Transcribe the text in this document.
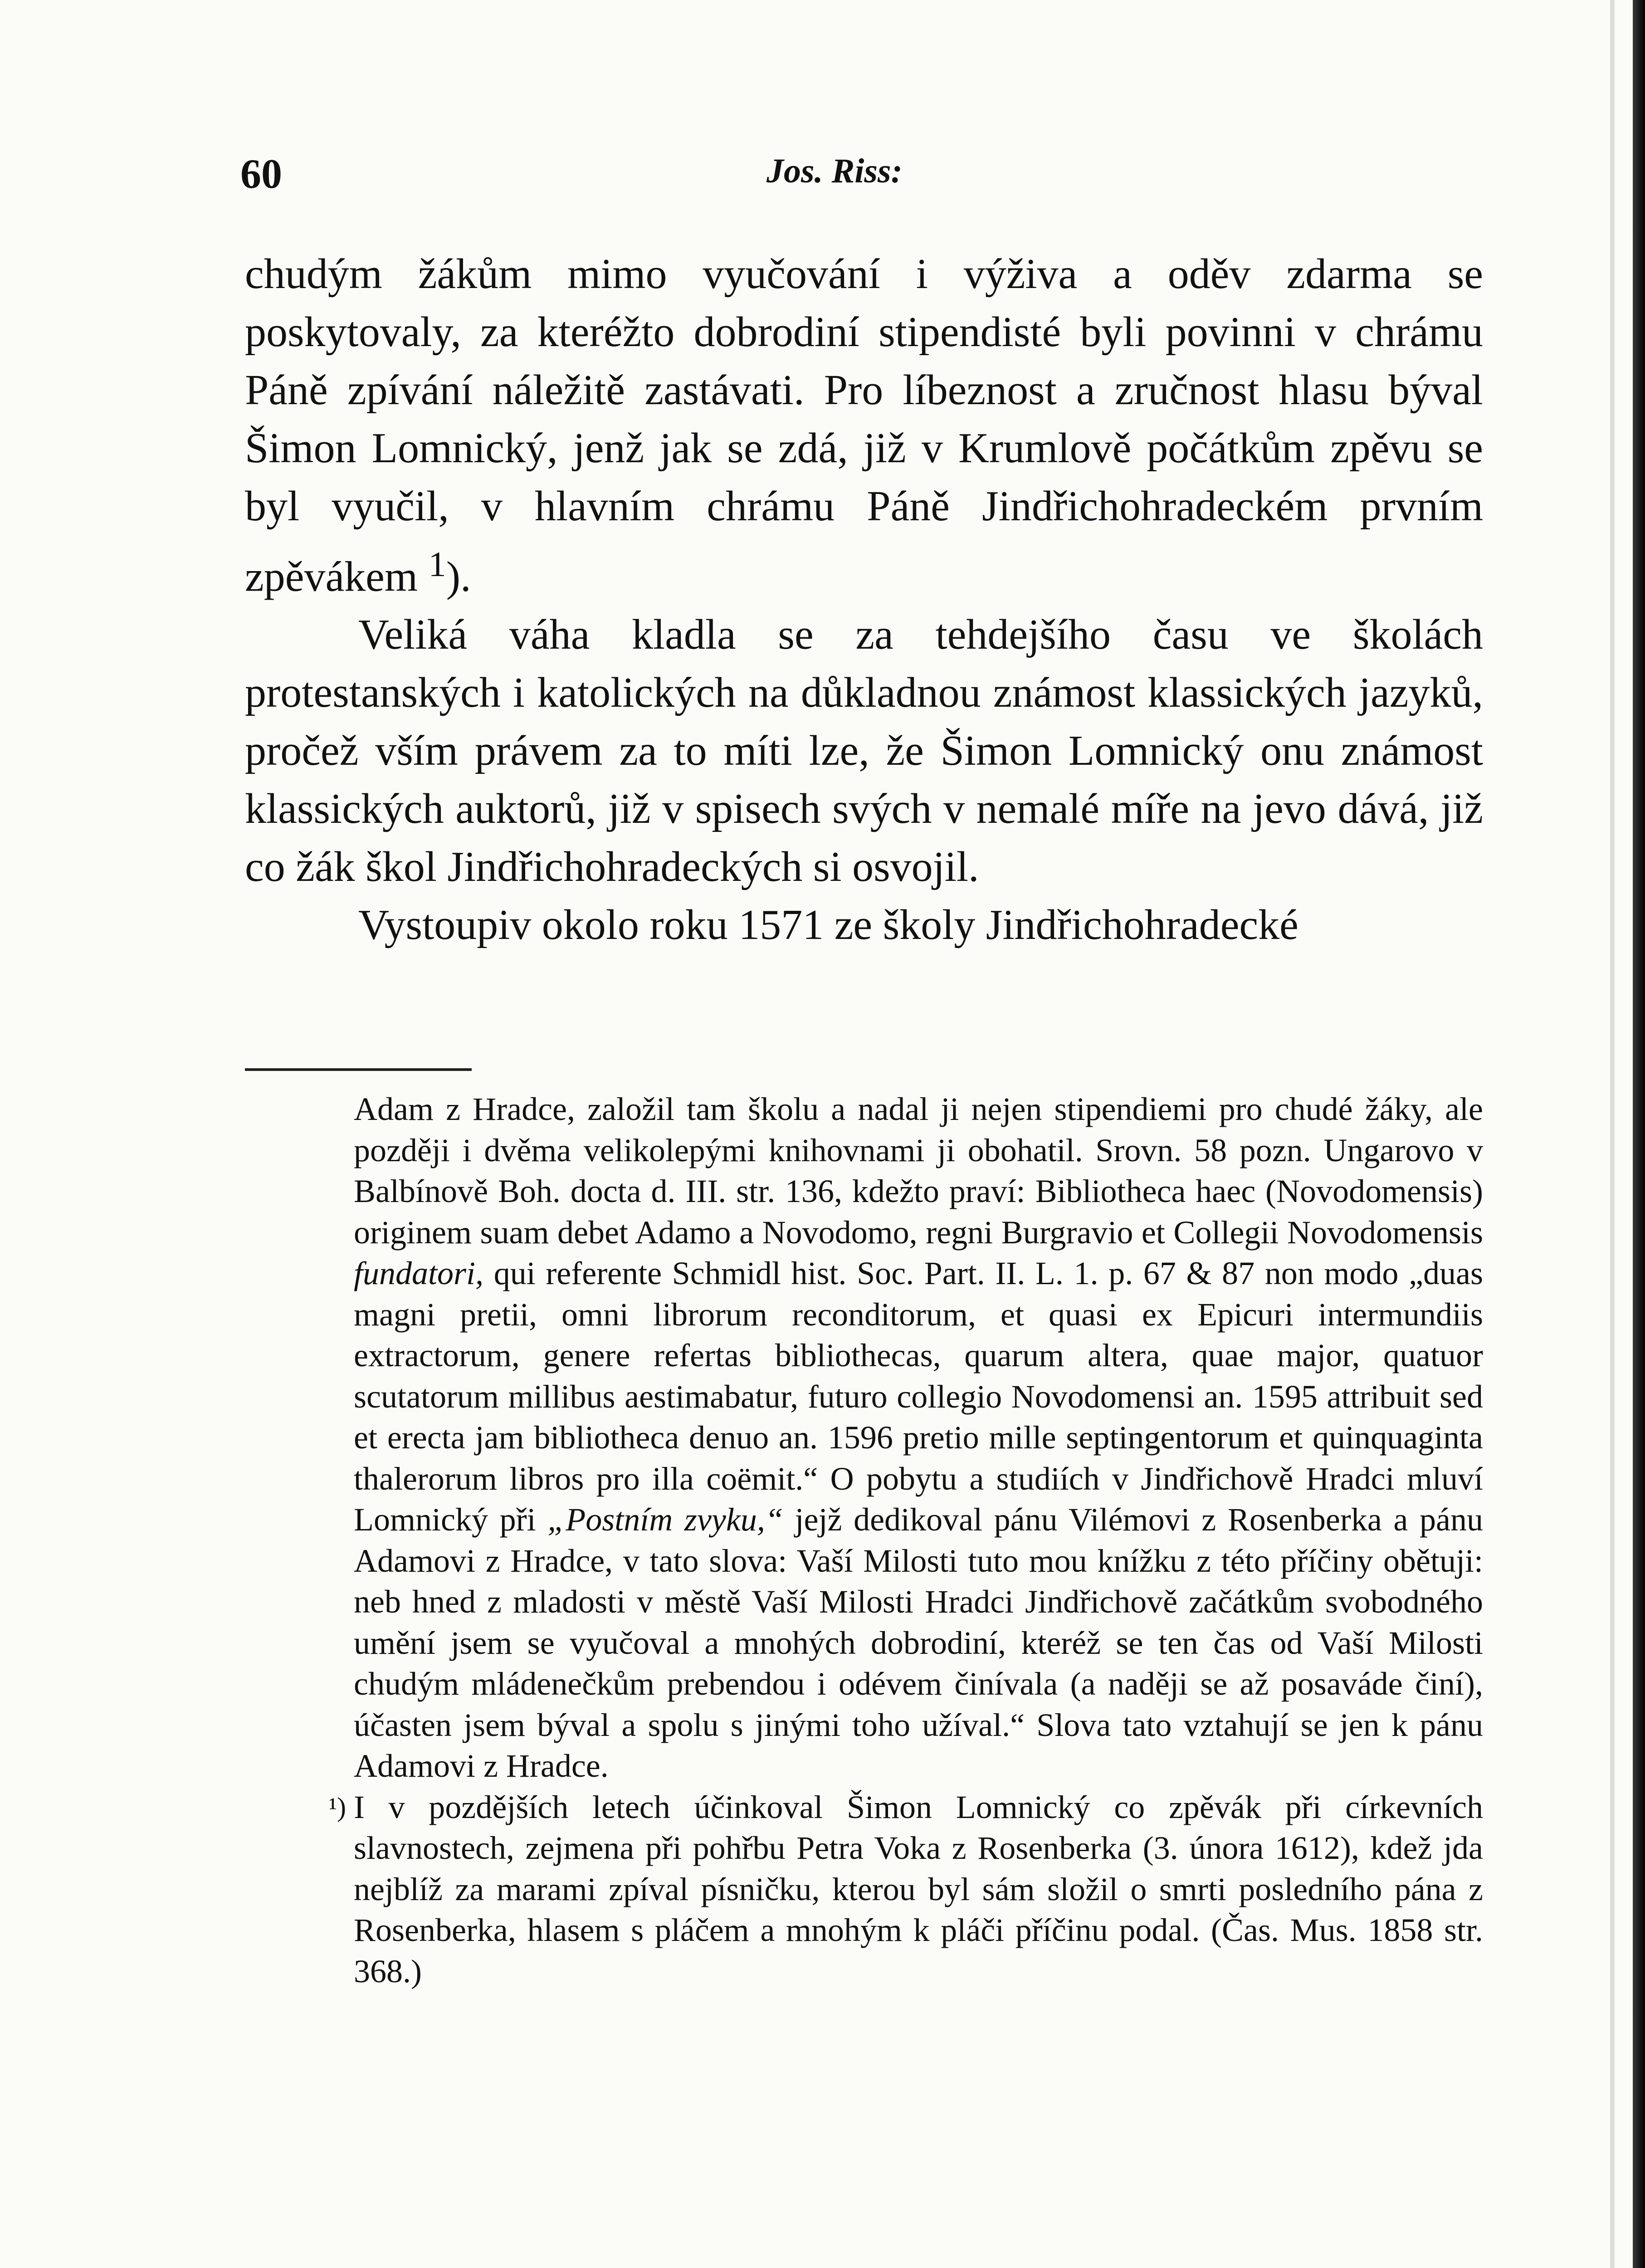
60	Jos. Riss:

chudým žákům mimo vyučování i výživa a oděv zdarma se poskytovaly, za kteréžto dobrodiní stipendisté byli povinni v chrámu Páně zpívání náležitě zastávati. Pro líbeznost a zručnost hlasu býval Šimon Lomnický, jenž jak se zdá, již v Krumlově počátkům zpěvu se byl vyučil, v hlavním chrámu Páně Jindřichohradeckém prvním zpěvákem $^1$).

Veliká váha kladla se za tehdejšího času ve školách protestanských i katolických na důkladnou známost klassických jazyků, pročež vším právem za to míti lze, že Šimon Lomnický onu známost klassických auktorů, již v spisech svých v nemalé míře na jevo dává, již co žák škol Jindřichohradeckých si osvojil.

Vystoupiv okolo roku 1571 ze školy Jindřichohradecké

Adam z Hradce, založil tam školu a nadal ji nejen stipendiemi pro chudé žáky, ale později i dvěma velikolepými knihovnami ji obohatil. Srovn. 58 pozn. Ungarovo v Balbínově Boh. docta d. III. str. 136, kdežto praví: Bibliotheca haec (Novodomensis) originem suam debet Adamo a Novodomo, regni Burgravio et Collegii Novodomensis fundatori, qui referente Schmidl hist. Soc. Part. II. L. 1. p. 67 & 87 non modo „duas magni pretii, omni librorum reconditorum, et quasi ex Epicuri intermundiis extractorum, genere refertas bibliothecas, quarum altera, quae major, quatuor scutatorum millibus aestimabatur, futuro collegio Novodomensi an. 1595 attribuit sed et erecta jam bibliotheca denuo an. 1596 pretio mille septingentorum et quinquaginta thalerorum libros pro illa coëmit.“ O pobytu a studiích v Jindřichově Hradci mluví Lomnický při „Postním zvyku,“ jejž dedikoval pánu Vilémovi z Rosenberka a pánu Adamovi z Hradce, v tato slova: Vaší Milosti tuto mou knížku z této příčiny obětuji: neb hned z mladosti v městě Vaší Milosti Hradci Jindřichově začátkům svobodného umění jsem se vyučoval a mnohých dobrodiní, kteréž se ten čas od Vaší Milosti chudým mládenečkům prebendou i odévem činívala (a naději se až posaváde činí), účasten jsem býval a spolu s jinými toho užíval.“ Slova tato vztahují se jen k pánu Adamovi z Hradce.

¹) I v pozdějších letech účinkoval Šimon Lomnický co zpěvák při církevních slavnostech, zejmena při pohřbu Petra Voka z Rosenberka (3. února 1612), kdež jda nejblíž za marami zpíval písničku, kterou byl sám složil o smrti posledního pána z Rosenberka, hlasem s pláčem a mnohým k pláči příčinu podal. (Čas. Mus. 1858 str. 368.)
